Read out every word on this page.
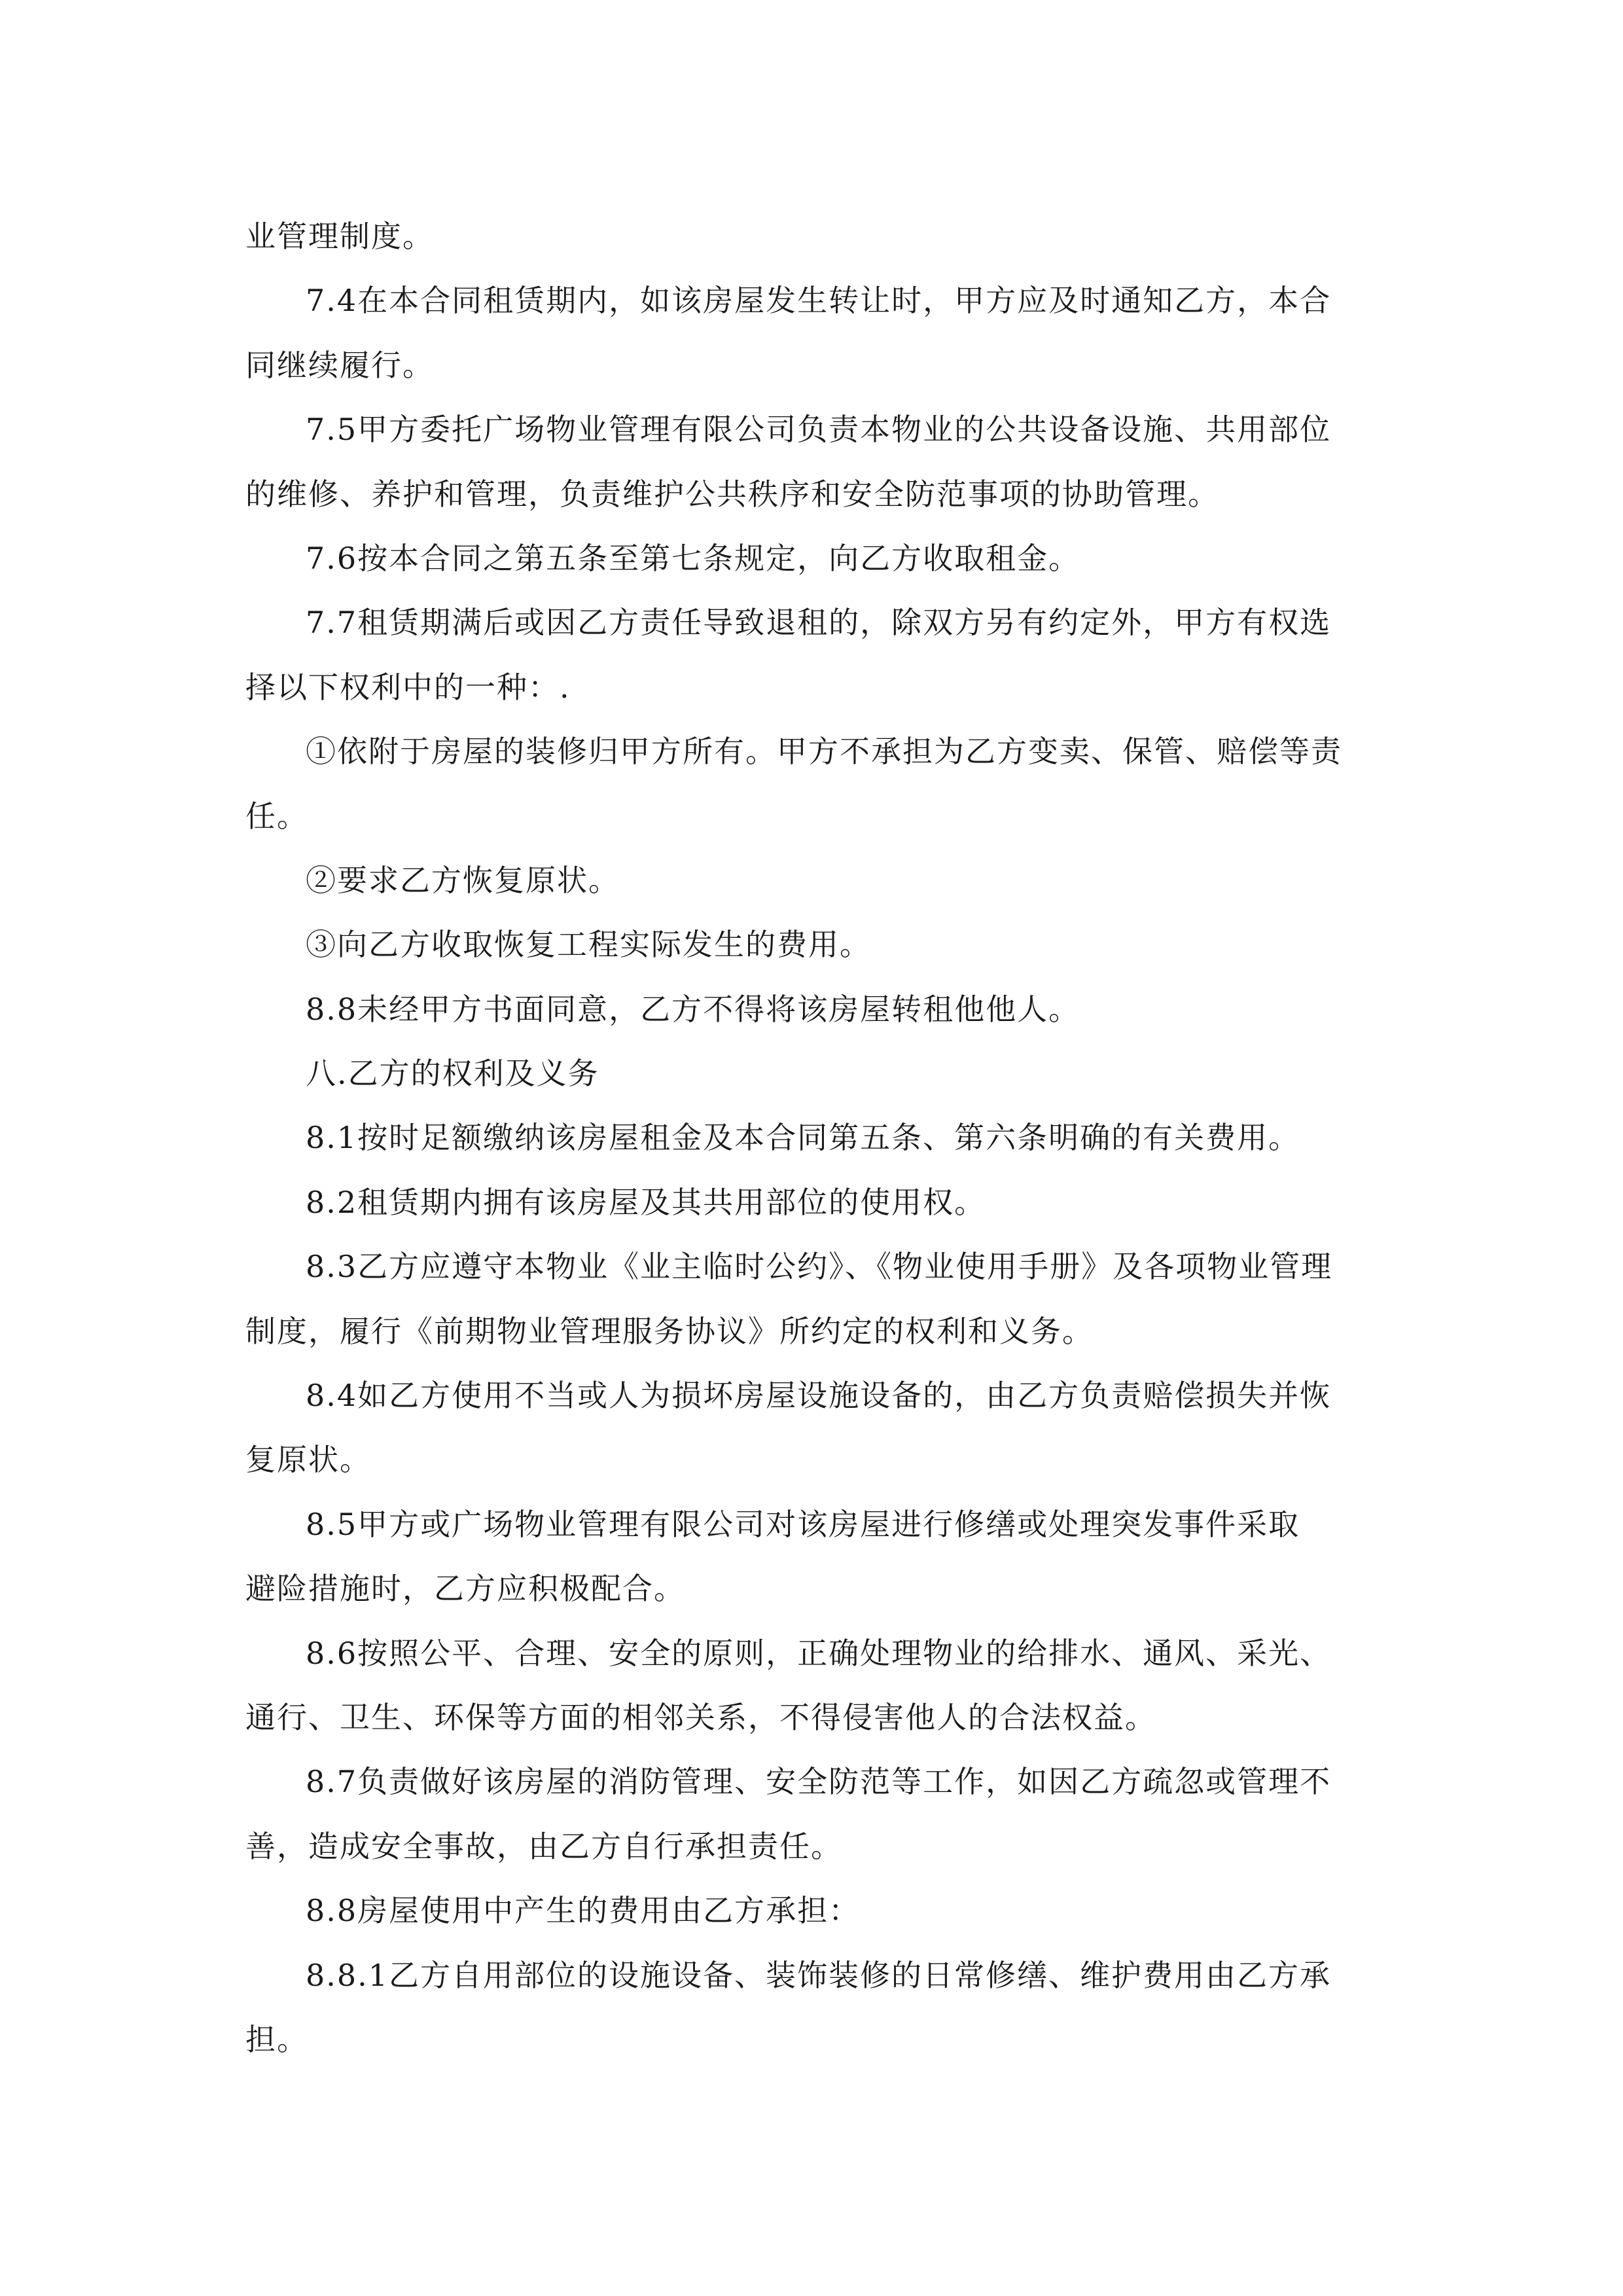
业管理制度。
7.4在本合同租赁期内，如该房屋发生转让时，甲方应及时通知乙方，本合
同继续履行。
7.5甲方委托广场物业管理有限公司负责本物业的公共设备设施、共用部位
的维修、养护和管理，负责维护公共秩序和安全防范事项的协助管理。
7.6按本合同之第五条至第七条规定，向乙方收取租金。
7.7租赁期满后或因乙方责任导致退租的，除双方另有约定外，甲方有权选
择以下权利中的一种：.
①依附于房屋的装修归甲方所有。甲方不承担为乙方变卖、保管、赔偿等责
任。
②要求乙方恢复原状。
③向乙方收取恢复工程实际发生的费用。
8.8未经甲方书面同意，乙方不得将该房屋转租他他人。
八.乙方的权利及义务
8.1按时足额缴纳该房屋租金及本合同第五条、第六条明确的有关费用。
8.2租赁期内拥有该房屋及其共用部位的使用权。
8.3乙方应遵守本物业《业主临时公约》、《物业使用手册》及各项物业管理
制度，履行《前期物业管理服务协议》所约定的权利和义务。
8.4如乙方使用不当或人为损坏房屋设施设备的，由乙方负责赔偿损失并恢
复原状。
8.5甲方或广场物业管理有限公司对该房屋进行修缮或处理突发事件采取
避险措施时，乙方应积极配合。
8.6按照公平、合理、安全的原则，正确处理物业的给排水、通风、采光、
通行、卫生、环保等方面的相邻关系，不得侵害他人的合法权益。
8.7负责做好该房屋的消防管理、安全防范等工作，如因乙方疏忽或管理不
善，造成安全事故，由乙方自行承担责任。
8.8房屋使用中产生的费用由乙方承担：
8.8.1乙方自用部位的设施设备、装饰装修的日常修缮、维护费用由乙方承
担。
